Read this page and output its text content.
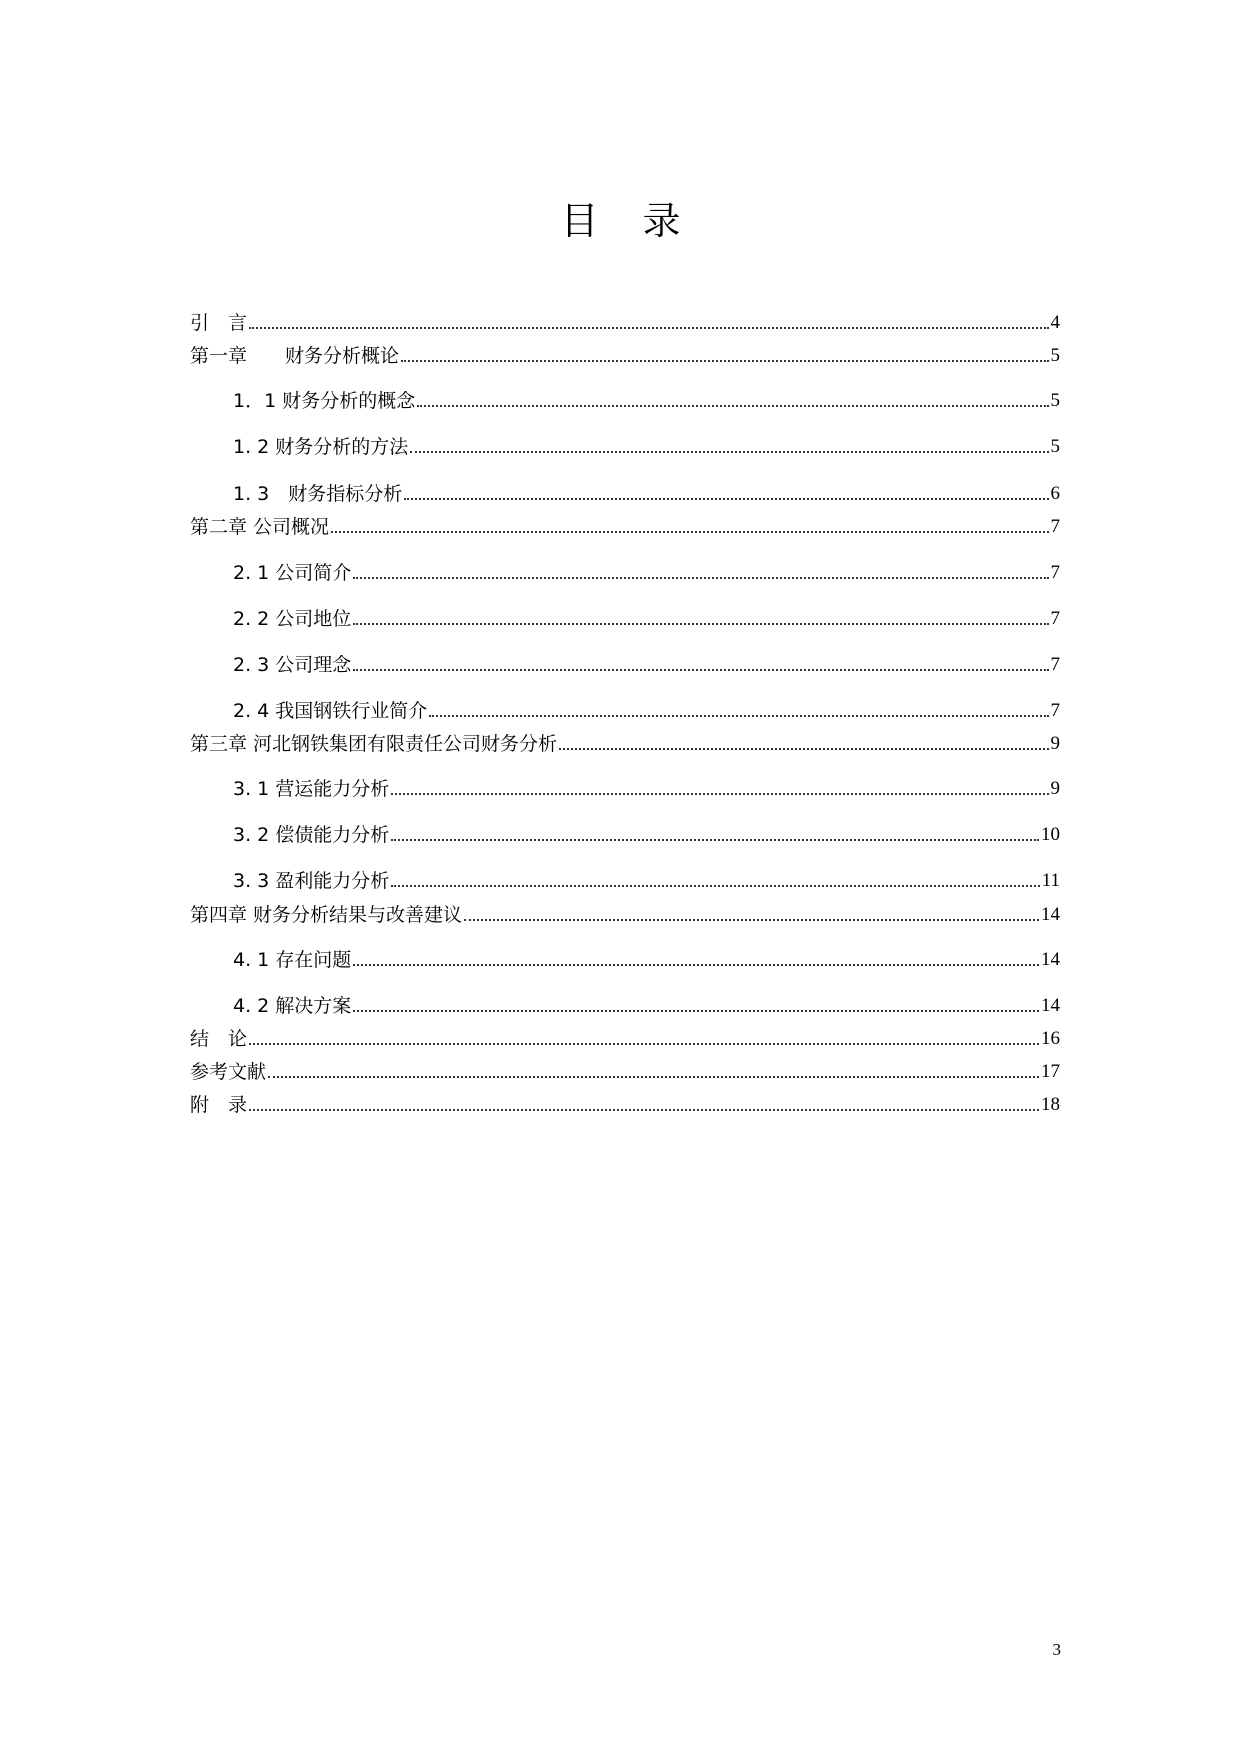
目 录
引　言	4
第一章　　财务分析概论	5
1．1 财务分析的概念	5
1. 2 财务分析的方法	5
1. 3　财务指标分析	6
第二章 公司概况	7
2. 1 公司简介	7
2. 2 公司地位	7
2. 3 公司理念	7
2. 4 我国钢铁行业简介	7
第三章 河北钢铁集团有限责任公司财务分析	9
3. 1 营运能力分析	9
3. 2 偿债能力分析	10
3. 3 盈利能力分析	11
第四章 财务分析结果与改善建议	14
4. 1 存在问题	14
4. 2 解决方案	14
结　论	16
参考文献	17
附　录	18
3
